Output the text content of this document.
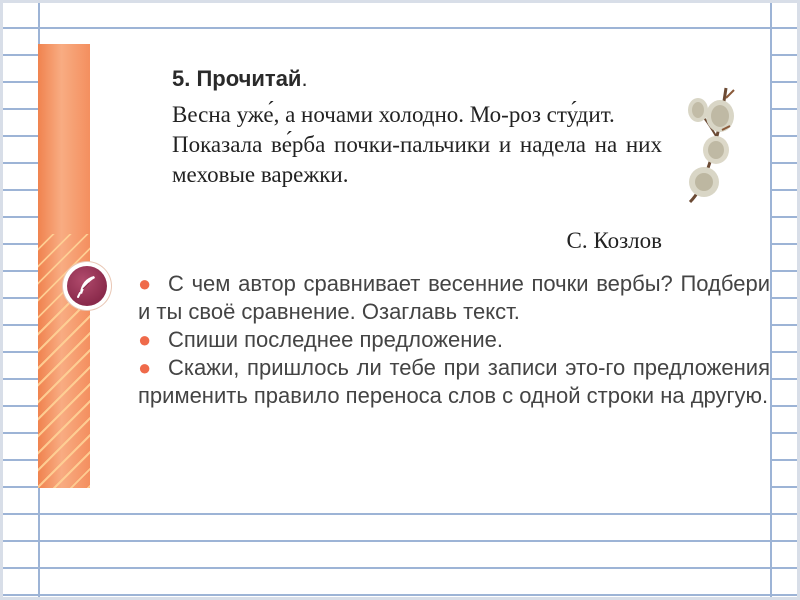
5. Прочитай.

Весна уже́, а ночами холодно. Мо-роз сту́дит.

Показала ве́рба почки-пальчики и надела на них меховые варежки.

С. Козлов
● С чем автор сравнивает весенние почки вербы? Подбери и ты своё сравнение. Озаглавь текст.
● Спиши последнее предложение.
● Скажи, пришлось ли тебе при записи это-го предложения применить правило переноса слов с одной строки на другую.
